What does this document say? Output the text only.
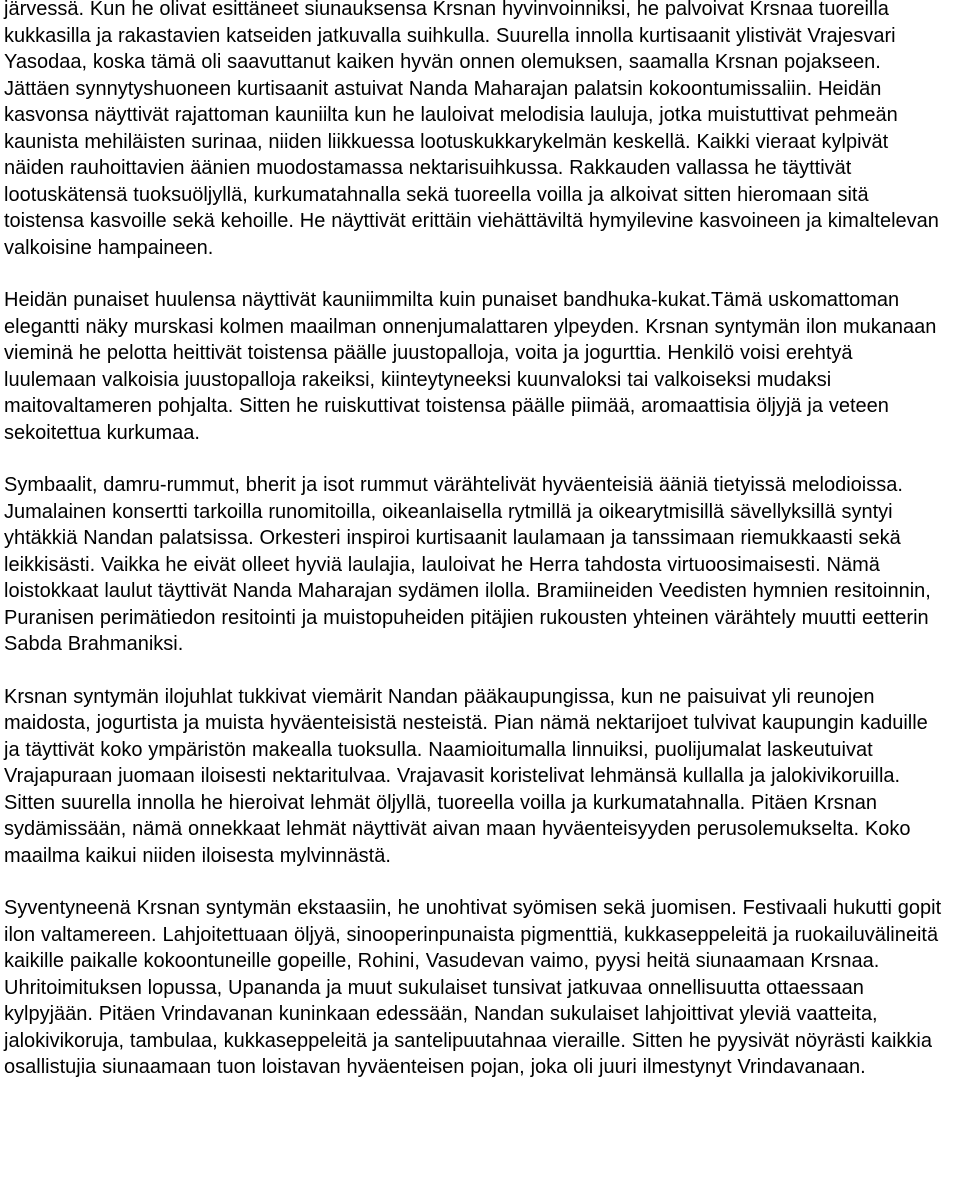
järvessä. Kun he olivat esittäneet siunauksensa Krsnan hyvinvoinniksi, he palvoivat Krsnaa tuoreilla kukkasilla ja rakastavien katseiden jatkuvalla suihkulla. Suurella innolla kurtisaanit ylistivät Vrajesvari Yasodaa, koska tämä oli saavuttanut kaiken hyvän onnen olemuksen, saamalla Krsnan pojakseen. Jättäen synnytyshuoneen kurtisaanit astuivat Nanda Maharajan palatsin kokoontumissaliin. Heidän kasvonsa näyttivät rajattoman kauniilta kun he lauloivat melodisia lauluja, jotka muistuttivat pehmeän kaunista mehiläisten surinaa, niiden liikkuessa lootuskukkarykelmän keskellä. Kaikki vieraat kylpivät näiden rauhoittavien äänien muodostamassa nektarisuihkussa. Rakkauden vallassa he täyttivät lootuskätensä tuoksuöljyllä, kurkumatahnalla sekä tuoreella voilla ja alkoivat sitten hieromaan sitä toistensa kasvoille sekä kehoille. He näyttivät erittäin viehättäviltä hymyilevine kasvoineen ja kimaltelevan valkoisine hampaineen.

Heidän punaiset huulensa näyttivät kauniimmilta kuin punaiset bandhuka-kukat.Tämä uskomattoman elegantti näky murskasi kolmen maailman onnenjumalattaren ylpeyden. Krsnan syntymän ilon mukanaan vieminä he pelotta heittivät toistensa päälle juustopalloja, voita ja jogurttia. Henkilö voisi erehtyä luulemaan valkoisia juustopalloja rakeiksi, kiinteytyneeksi kuunvaloksi tai valkoiseksi mudaksi maitovaltameren pohjalta. Sitten he ruiskuttivat toistensa päälle piimää, aromaattisia öljyjä ja veteen sekoitettua kurkumaa.

Symbaalit, damru-rummut, bherit ja isot rummut värähtelivät hyväenteisiä ääniä tietyissä melodioissa. Jumalainen konsertti tarkoilla runomitoilla, oikeanlaisella rytmillä ja oikearytmisillä sävellyksillä syntyi yhtäkkiä Nandan palatsissa. Orkesteri inspiroi kurtisaanit laulamaan ja tanssimaan riemukkaasti sekä leikkisästi. Vaikka he eivät olleet hyviä laulajia, lauloivat he Herra tahdosta virtuoosimaisesti. Nämä loistokkaat laulut täyttivät Nanda Maharajan sydämen ilolla. Bramiineiden Veedisten hymnien resitoinnin, Puranisen perimätiedon resitointi ja muistopuheiden pitäjien rukousten yhteinen värähtely muutti eetterin Sabda Brahmaniksi.

Krsnan syntymän ilojuhlat tukkivat viemärit Nandan pääkaupungissa, kun ne paisuivat yli reunojen maidosta, jogurtista ja muista hyväenteisistä nesteistä. Pian nämä nektarijoet tulvivat kaupungin kaduille ja täyttivät koko ympäristön makealla tuoksulla. Naamioitumalla linnuiksi, puolijumalat laskeutuivat Vrajapuraan juomaan iloisesti nektaritulvaa. Vrajavasit koristelivat lehmänsä kullalla ja jalokivikoruilla. Sitten suurella innolla he hieroivat lehmät öljyllä, tuoreella voilla ja kurkumatahnalla. Pitäen Krsnan sydämissään, nämä onnekkaat lehmät näyttivät aivan maan hyväenteisyyden perusolemukselta. Koko maailma kaikui niiden iloisesta mylvinnästä.

Syventyneenä Krsnan syntymän ekstaasiin, he unohtivat syömisen sekä juomisen. Festivaali hukutti gopit ilon valtamereen. Lahjoitettuaan öljyä, sinooperinpunaista pigmenttiä, kukkaseppeleitä ja ruokailuvälineitä kaikille paikalle kokoontuneille gopeille, Rohini, Vasudevan vaimo, pyysi heitä siunaamaan Krsnaa. Uhritoimituksen lopussa, Upananda ja muut sukulaiset tunsivat jatkuvaa onnellisuutta ottaessaan kylpyjään. Pitäen Vrindavanan kuninkaan edessään, Nandan sukulaiset lahjoittivat yleviä vaatteita, jalokivikoruja, tambulaa, kukkaseppeleitä ja santelipuutahnaa vieraille. Sitten he pyysivät nöyrästi kaikkia osallistujia siunaamaan tuon loistavan hyväenteisen pojan, joka oli juuri ilmestynyt Vrindavanaan.
